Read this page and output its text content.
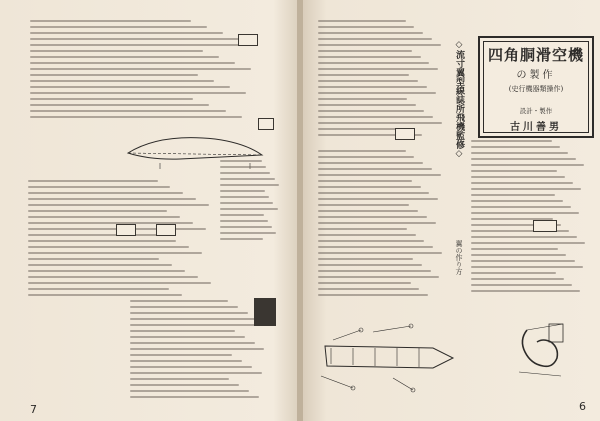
7
◇流寸翼型線誌所飛機監修◇	四角胴滑空機
の製作
(史行機器類操作)
設計・製作
古川善男
翼の作り方
6
